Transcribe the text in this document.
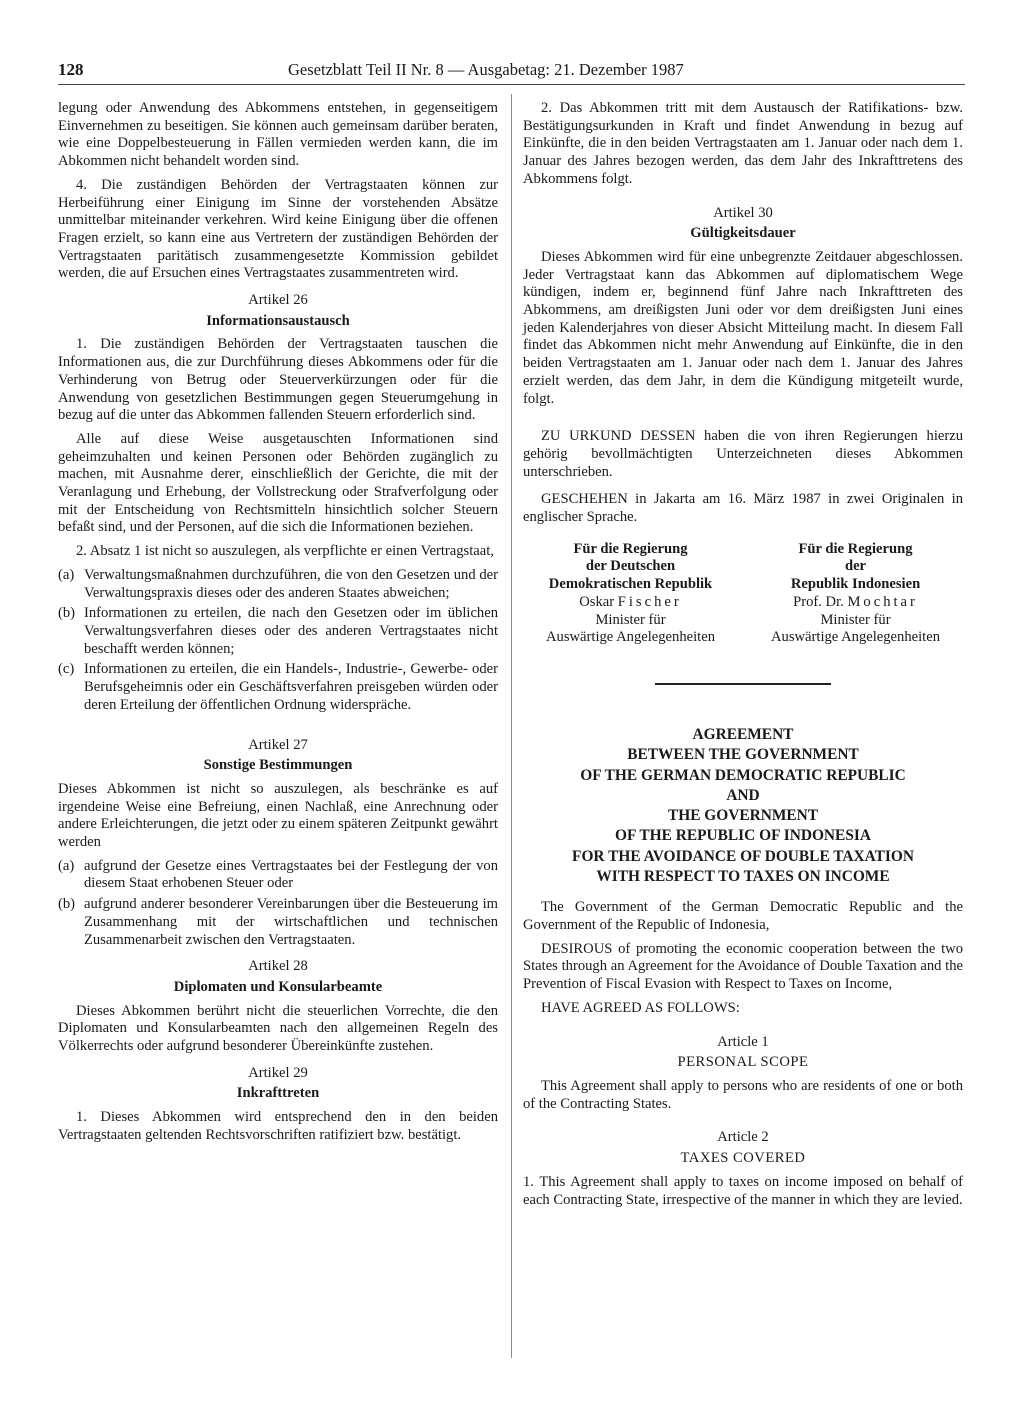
128	Gesetzblatt Teil II Nr. 8 — Ausgabetag: 21. Dezember 1987

legung oder Anwendung des Abkommens entstehen, in gegenseitigem Einvernehmen zu beseitigen. Sie können auch gemeinsam darüber beraten, wie eine Doppelbesteuerung in Fällen vermieden werden kann, die im Abkommen nicht behandelt worden sind.

4. Die zuständigen Behörden der Vertragstaaten können zur Herbeiführung einer Einigung im Sinne der vorstehenden Absätze unmittelbar miteinander verkehren. Wird keine Einigung über die offenen Fragen erzielt, so kann eine aus Vertretern der zuständigen Behörden der Vertragstaaten paritätisch zusammengesetzte Kommission gebildet werden, die auf Ersuchen eines Vertragstaates zusammentreten wird.

Artikel 26
Informationsaustausch

1. Die zuständigen Behörden der Vertragstaaten tauschen die Informationen aus, die zur Durchführung dieses Abkommens oder für die Verhinderung von Betrug oder Steuerverkürzungen oder für die Anwendung von gesetzlichen Bestimmungen gegen Steuerumgehung in bezug auf die unter das Abkommen fallenden Steuern erforderlich sind.

Alle auf diese Weise ausgetauschten Informationen sind geheimzuhalten und keinen Personen oder Behörden zugänglich zu machen, mit Ausnahme derer, einschließlich der Gerichte, die mit der Veranlagung und Erhebung, der Vollstreckung oder Strafverfolgung oder mit der Entscheidung von Rechtsmitteln hinsichtlich solcher Steuern befaßt sind, und der Personen, auf die sich die Informationen beziehen.

2. Absatz 1 ist nicht so auszulegen, als verpflichte er einen Vertragstaat,

(a) Verwaltungsmaßnahmen durchzuführen, die von den Gesetzen und der Verwaltungspraxis dieses oder des anderen Staates abweichen;
(b) Informationen zu erteilen, die nach den Gesetzen oder im üblichen Verwaltungsverfahren dieses oder des anderen Vertragstaates nicht beschafft werden können;
(c) Informationen zu erteilen, die ein Handels-, Industrie-, Gewerbe- oder Berufsgeheimnis oder ein Geschäftsverfahren preisgeben würden oder deren Erteilung der öffentlichen Ordnung widerspräche.
Artikel 27
Sonstige Bestimmungen

Dieses Abkommen ist nicht so auszulegen, als beschränke es auf irgendeine Weise eine Befreiung, einen Nachlaß, eine Anrechnung oder andere Erleichterungen, die jetzt oder zu einem späteren Zeitpunkt gewährt werden

(a) aufgrund der Gesetze eines Vertragstaates bei der Festlegung der von diesem Staat erhobenen Steuer oder
(b) aufgrund anderer besonderer Vereinbarungen über die Besteuerung im Zusammenhang mit der wirtschaftlichen und technischen Zusammenarbeit zwischen den Vertragstaaten.
Artikel 28
Diplomaten und Konsularbeamte

Dieses Abkommen berührt nicht die steuerlichen Vorrechte, die den Diplomaten und Konsularbeamten nach den allgemeinen Regeln des Völkerrechts oder aufgrund besonderer Übereinkünfte zustehen.

Artikel 29
Inkrafttreten

1. Dieses Abkommen wird entsprechend den in den beiden Vertragstaaten geltenden Rechtsvorschriften ratifiziert bzw. bestätigt.

2. Das Abkommen tritt mit dem Austausch der Ratifikations- bzw. Bestätigungsurkunden in Kraft und findet Anwendung in bezug auf Einkünfte, die in den beiden Vertragstaaten am 1. Januar oder nach dem 1. Januar des Jahres bezogen werden, das dem Jahr des Inkrafttretens des Abkommens folgt.

Artikel 30
Gültigkeitsdauer

Dieses Abkommen wird für eine unbegrenzte Zeitdauer abgeschlossen. Jeder Vertragstaat kann das Abkommen auf diplomatischem Wege kündigen, indem er, beginnend fünf Jahre nach Inkrafttreten des Abkommens, am dreißigsten Juni oder vor dem dreißigsten Juni eines jeden Kalenderjahres von dieser Absicht Mitteilung macht. In diesem Fall findet das Abkommen nicht mehr Anwendung auf Einkünfte, die in den beiden Vertragstaaten am 1. Januar oder nach dem 1. Januar des Jahres erzielt werden, das dem Jahr, in dem die Kündigung mitgeteilt wurde, folgt.

ZU URKUND DESSEN haben die von ihren Regierungen hierzu gehörig bevollmächtigten Unterzeichneten dieses Abkommen unterschrieben.

GESCHEHEN in Jakarta am 16. März 1987 in zwei Originalen in englischer Sprache.

Für die Regierung
der Deutschen
Demokratischen Republik
Oskar Fischer
Minister für
Auswärtige Angelegenheiten
Für die Regierung
der
Republik Indonesien
Prof. Dr. Mochtar
Minister für
Auswärtige Angelegenheiten
AGREEMENT
BETWEEN THE GOVERNMENT
OF THE GERMAN DEMOCRATIC REPUBLIC
AND
THE GOVERNMENT
OF THE REPUBLIC OF INDONESIA
FOR THE AVOIDANCE OF DOUBLE TAXATION
WITH RESPECT TO TAXES ON INCOME

The Government of the German Democratic Republic and the Government of the Republic of Indonesia,

DESIROUS of promoting the economic cooperation between the two States through an Agreement for the Avoidance of Double Taxation and the Prevention of Fiscal Evasion with Respect to Taxes on Income,

HAVE AGREED AS FOLLOWS:

Article 1
PERSONAL SCOPE

This Agreement shall apply to persons who are residents of one or both of the Contracting States.

Article 2
TAXES COVERED

1. This Agreement shall apply to taxes on income imposed on behalf of each Contracting State, irrespective of the manner in which they are levied.
